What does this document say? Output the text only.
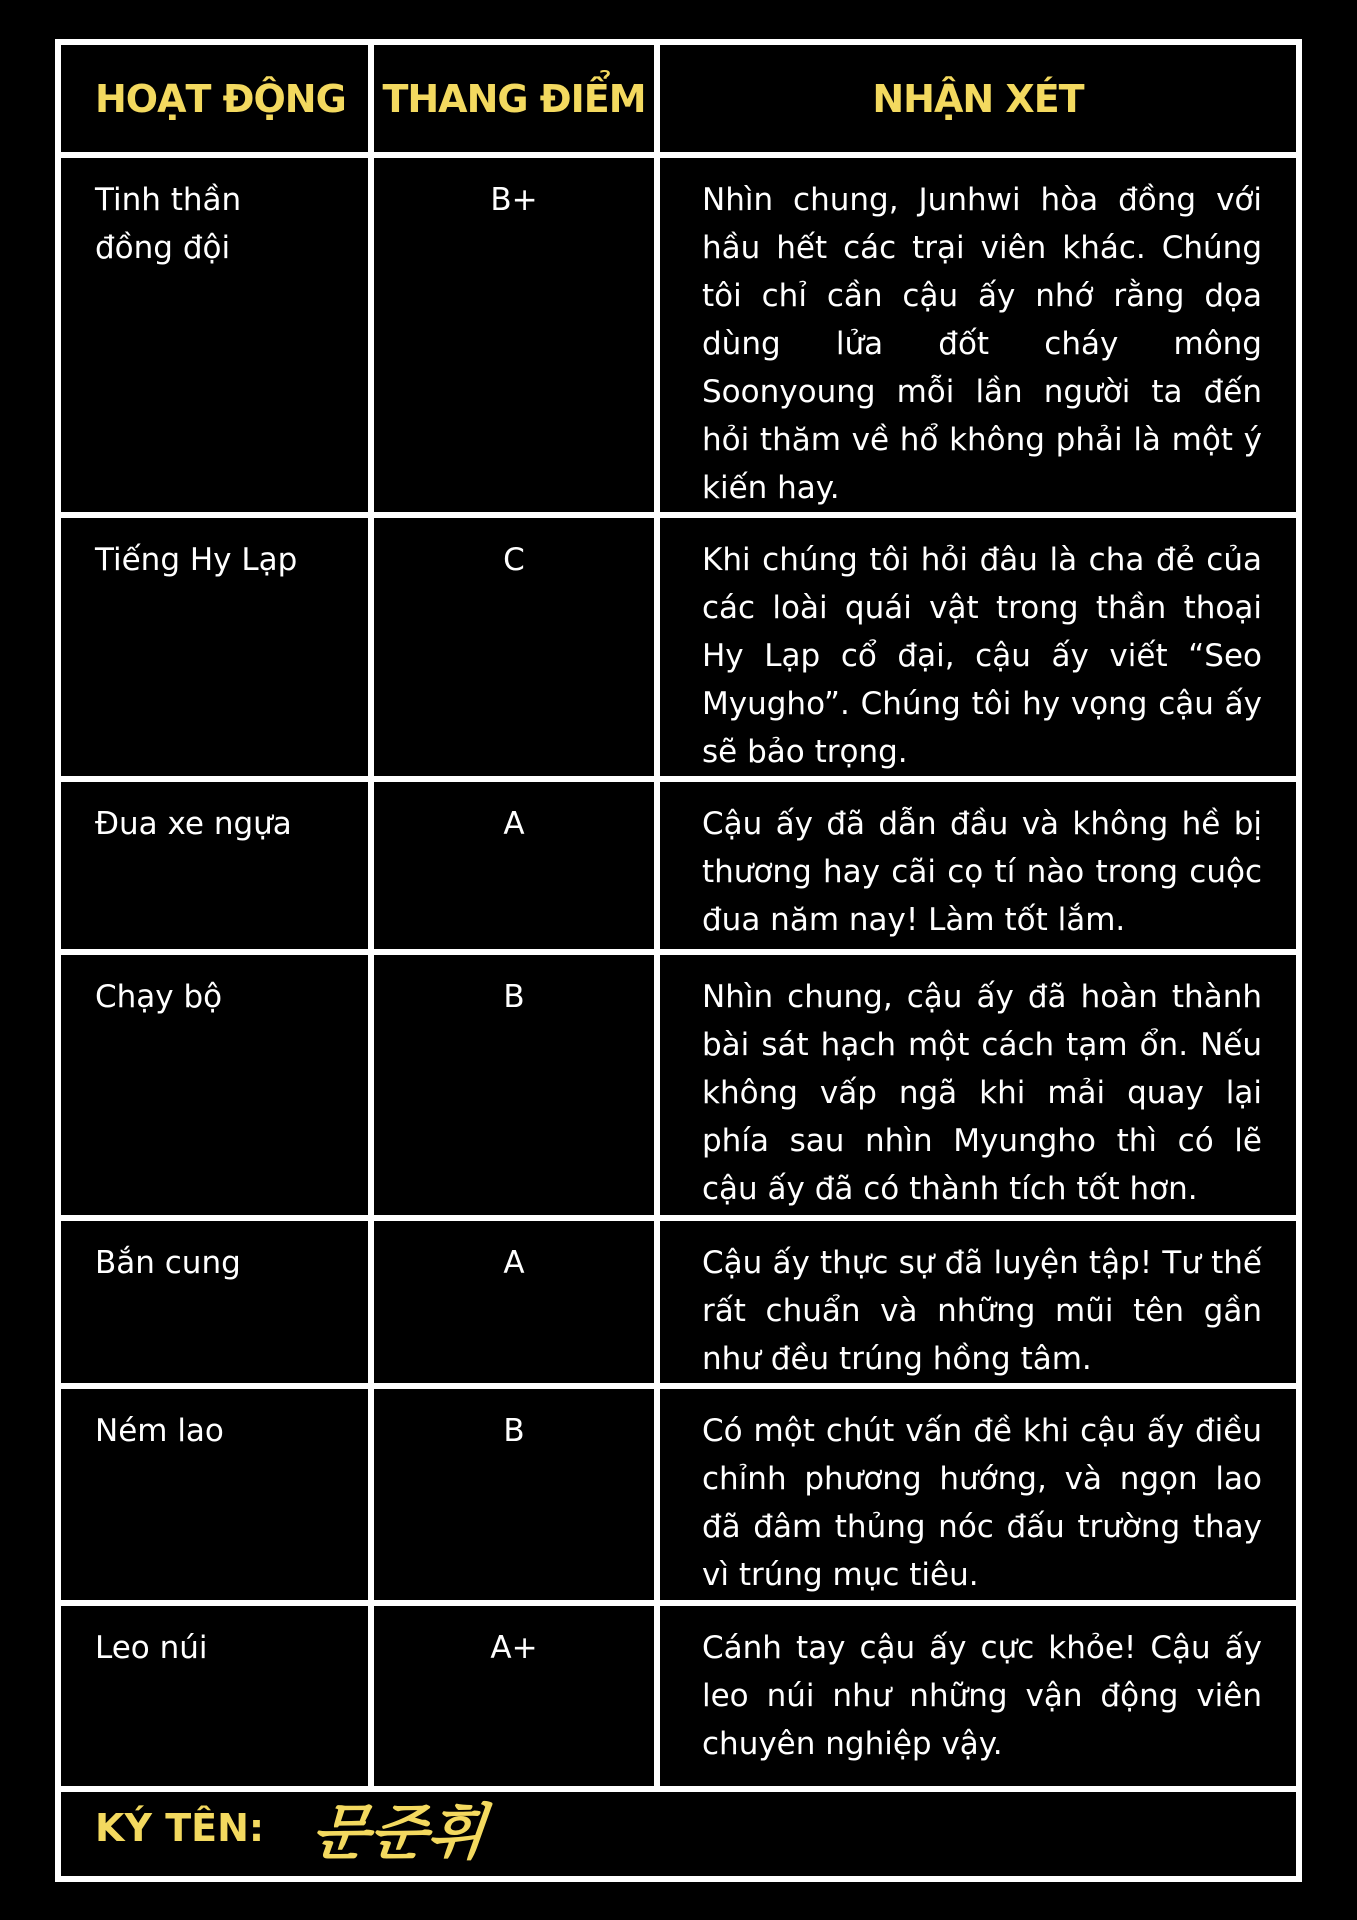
HOẠT ĐỘNG	THANG ĐIỂM	NHẬN XÉT
Tinh thần đồng đội	B+	Nhìn chung, Junhwi hòa đồng với hầu hết các trại viên khác. Chúng tôi chỉ cần cậu ấy nhớ rằng dọa dùng lửa đốt cháy mông Soonyoung mỗi lần người ta đến hỏi thăm về hổ không phải là một ý kiến hay.
Tiếng Hy Lạp	C	Khi chúng tôi hỏi đâu là cha đẻ của các loài quái vật trong thần thoại Hy Lạp cổ đại, cậu ấy viết “Seo Myugho”. Chúng tôi hy vọng cậu ấy sẽ bảo trọng.
Đua xe ngựa	A	Cậu ấy đã dẫn đầu và không hề bị thương hay cãi cọ tí nào trong cuộc đua năm nay! Làm tốt lắm.
Chạy bộ	B	Nhìn chung, cậu ấy đã hoàn thành bài sát hạch một cách tạm ổn. Nếu không vấp ngã khi mải quay lại phía sau nhìn Myungho thì có lẽ cậu ấy đã có thành tích tốt hơn.
Bắn cung	A	Cậu ấy thực sự đã luyện tập! Tư thế rất chuẩn và những mũi tên gần như đều trúng hồng tâm.
Ném lao	B	Có một chút vấn đề khi cậu ấy điều chỉnh phương hướng, và ngọn lao đã đâm thủng nóc đấu trường thay vì trúng mục tiêu.
Leo núi	A+	Cánh tay cậu ấy cực khỏe! Cậu ấy leo núi như những vận động viên chuyên nghiệp vậy.
KÝ TÊN: 문준휘
